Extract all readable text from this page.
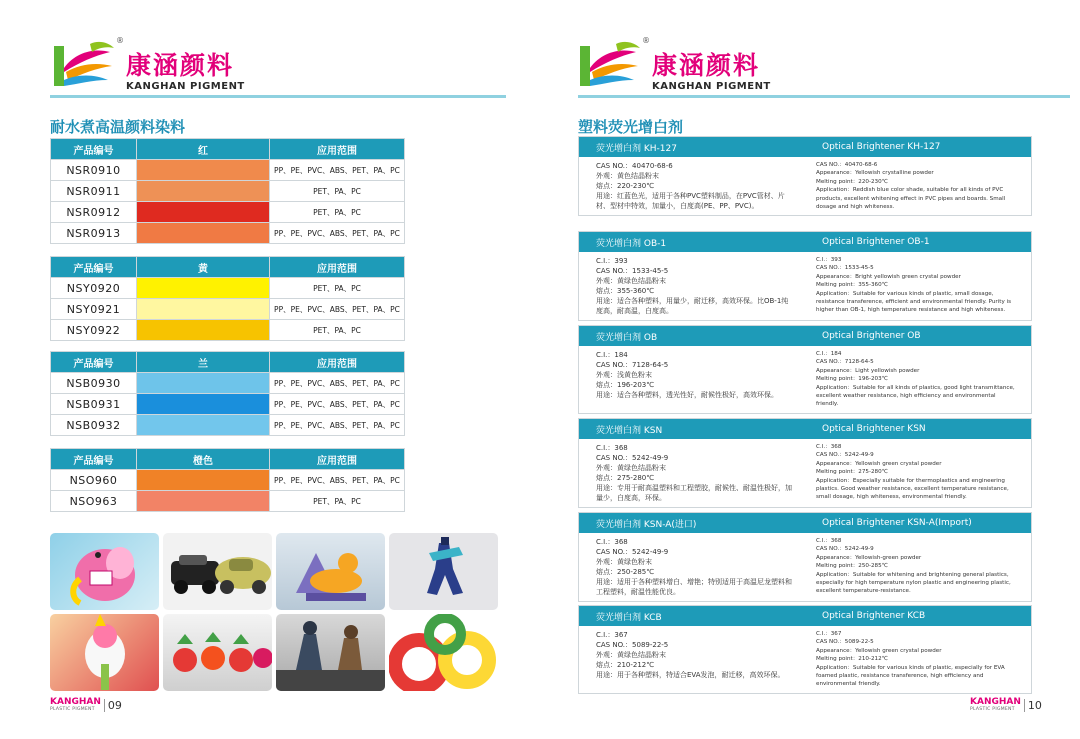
®
康涵颜料
KANGHAN PIGMENT
耐水煮高温颜料染料
产品编号	红	应用范围
NSR0910		PP、PE、PVC、ABS、PET、PA、PC
NSR0911		PET、PA、PC
NSR0912		PET、PA、PC
NSR0913		PP、PE、PVC、ABS、PET、PA、PC
产品编号	黄	应用范围
NSY0920		PET、PA、PC
NSY0921		PP、PE、PVC、ABS、PET、PA、PC
NSY0922		PET、PA、PC
产品编号	兰	应用范围
NSB0930		PP、PE、PVC、ABS、PET、PA、PC
NSB0931		PP、PE、PVC、ABS、PET、PA、PC
NSB0932		PP、PE、PVC、ABS、PET、PA、PC
产品编号	橙色	应用范围
NSO960		PP、PE、PVC、ABS、PET、PA、PC
NSO963		PET、PA、PC
KANGHAN
PLASTIC PIGMENT	09
®
康涵颜料
KANGHAN PIGMENT
塑料荧光增白剂
KANGHAN
PLASTIC PIGMENT	10
荧光增白剂 KH-127	Optical Brightener KH-127
CAS NO.：40470-68-6
外观：黄色结晶粉末
熔点：220-230℃
用途：红蓝色光，适用于各种PVC塑料制品，在PVC管材、片材、型材中特效，加量小，白度高(PE、PP、PVC)。
CAS NO.：40470-68-6
Appearance：Yellowish crystalline powder
Melting point：220-230℃
Application：Reddish blue color shade, suitable for all kinds of PVC products, excellent whitening effect in PVC pipes and boards. Small dosage and high whiteness.
荧光增白剂 OB-1	Optical Brightener OB-1
C.I.：393
CAS NO.：1533-45-5
外观：黄绿色结晶粉末
熔点：355-360℃
用途：适合各种塑料，用量少，耐迁移，高效环保。比OB-1纯度高，耐高温，白度高。
C.I.：393
CAS NO.：1533-45-5
Appearance：Bright yellowish green crystal powder
Melting point：355-360℃
Application：Suitable for various kinds of plastic, small dosage, resistance transference, efficient and environmental friendly. Purity is higher than OB-1, high temperature resistance and high whiteness.
荧光增白剂 OB	Optical Brightener OB
C.I.：184
CAS NO.：7128-64-5
外观：浅黄色粉末
熔点：196-203℃
用途：适合各种塑料，透光性好，耐候性极好，高效环保。
C.I.：184
CAS NO.：7128-64-5
Appearance：Light yellowish powder
Melting point：196-203℃
Application：Suitable for all kinds of plastics, good light transmittance, excellent weather resistance, high efficiency and environmental friendly.
荧光增白剂 KSN	Optical Brightener KSN
C.I.：368
CAS NO.：5242-49-9
外观：黄绿色结晶粉末
熔点：275-280℃
用途：专用于耐高温塑料和工程塑胶，耐候性、耐温性极好，加量少，白度高，环保。
C.I.：368
CAS NO.：5242-49-9
Appearance：Yellowish green crystal powder
Melting point：275-280℃
Application：Especially suitable for thermoplastics and engineering plastics. Good weather resistance, excellent temperature resistance, small dosage, high whiteness, environmental friendly.
荧光增白剂 KSN-A(进口)	Optical Brightener KSN-A(Import)
C.I.：368
CAS NO.：5242-49-9
外观：黄绿色粉末
熔点：250-285℃
用途：适用于各种塑料增白、增艳；特别适用于高温尼龙塑料和工程塑料，耐温性能优良。
C.I.：368
CAS NO.：5242-49-9
Appearance：Yellowish-green powder
Melting point：250-285℃
Application：Suitable for whitening and brightening general plastics, especially for high temperature nylon plastic and engineering plastic, excellent temperature-resistance.
荧光增白剂 KCB	Optical Brightener KCB
C.I.：367
CAS NO.：5089-22-5
外观：黄绿色结晶粉末
熔点：210-212℃
用途：用于各种塑料，特适合EVA发泡，耐迁移，高效环保。
C.I.：367
CAS NO.：5089-22-5
Appearance：Yellowish green crystal powder
Melting point：210-212℃
Application：Suitable for various kinds of plastic, especially for EVA foamed plastic, resistance transference, high efficiency and environmental friendly.
